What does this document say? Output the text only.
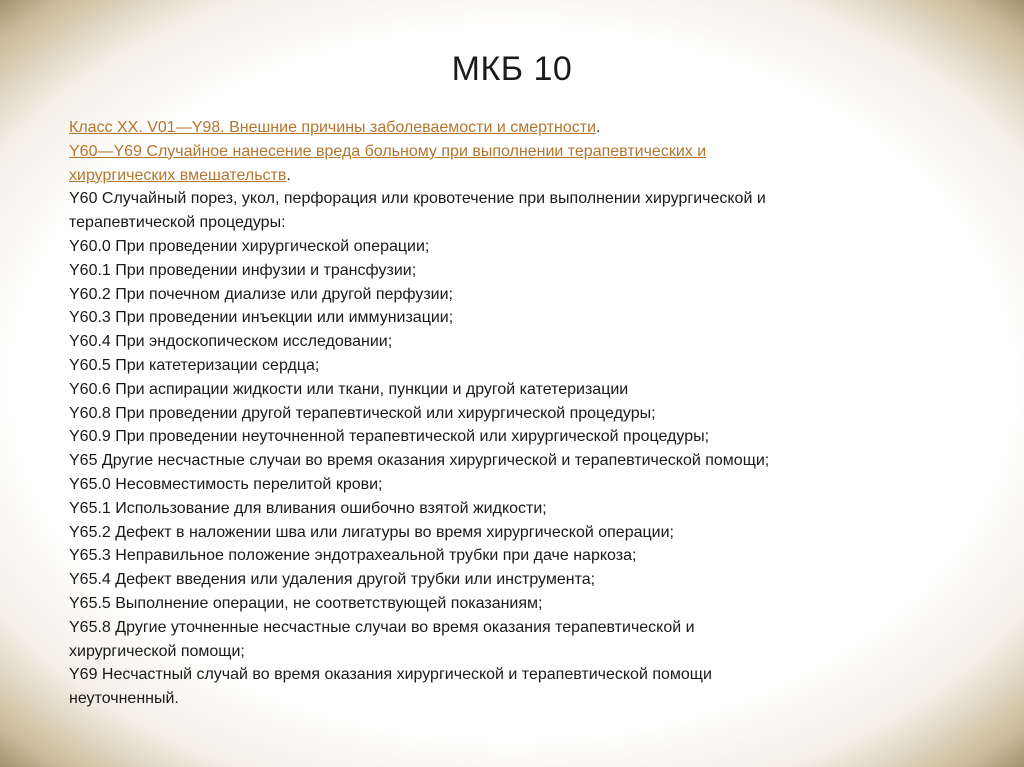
МКБ 10
Класс XX. V01—Y98. Внешние причины заболеваемости и смертности.
Y60—Y69 Случайное нанесение вреда больному при выполнении терапевтических и
хирургических вмешательств.
Y60 Случайный порез, укол, перфорация или кровотечение при выполнении хирургической и
терапевтической процедуры:
Y60.0 При проведении хирургической операции;
Y60.1 При проведении инфузии и трансфузии;
Y60.2 При почечном диализе или другой перфузии;
Y60.3 При проведении инъекции или иммунизации;
Y60.4 При эндоскопическом исследовании;
Y60.5 При катетеризации сердца;
Y60.6 При аспирации жидкости или ткани, пункции и другой катетеризации
Y60.8 При проведении другой терапевтической или хирургической процедуры;
Y60.9 При проведении неуточненной терапевтической или хирургической процедуры;
Y65 Другие несчастные случаи во время оказания хирургической и терапевтической помощи;
Y65.0 Несовместимость перелитой крови;
Y65.1 Использование для вливания ошибочно взятой жидкости;
Y65.2 Дефект в наложении шва или лигатуры во время хирургической операции;
Y65.3 Неправильное положение эндотрахеальной трубки при даче наркоза;
Y65.4 Дефект введения или удаления другой трубки или инструмента;
Y65.5 Выполнение операции, не соответствующей показаниям;
Y65.8 Другие уточненные несчастные случаи во время оказания терапевтической и
хирургической помощи;
Y69 Несчастный случай во время оказания хирургической и терапевтической помощи
неуточненный.
